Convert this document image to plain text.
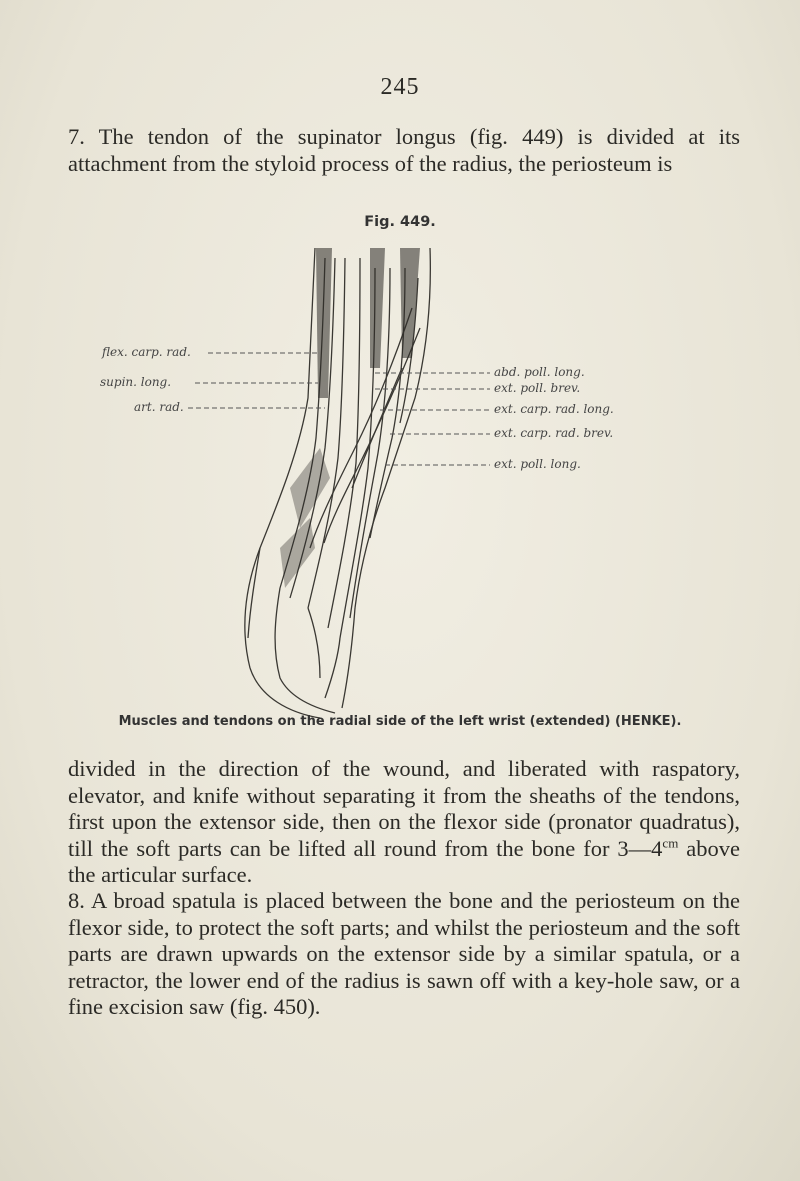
245

7. The tendon of the supinator longus (fig. 449) is divided at its attachment from the styloid process of the radius, the periosteum is

Fig. 449.
flex. carp. rad.
supin. long.
art. rad.
abd. poll. long.
ext. poll. brev.
ext. carp. rad. long.
ext. carp. rad. brev.
ext. poll. long.
Muscles and tendons on the radial side of the left wrist (extended) (HENKE).

divided in the direction of the wound, and liberated with raspatory, elevator, and knife without separating it from the sheaths of the tendons, first upon the extensor side, then on the flexor side (pronator quadratus), till the soft parts can be lifted all round from the bone for $3—4^{cm}$ above the articular surface.

8. A broad spatula is placed between the bone and the periosteum on the flexor side, to protect the soft parts; and whilst the periosteum and the soft parts are drawn upwards on the extensor side by a similar spatula, or a retractor, the lower end of the radius is sawn off with a key-hole saw, or a fine excision saw (fig. 450).
